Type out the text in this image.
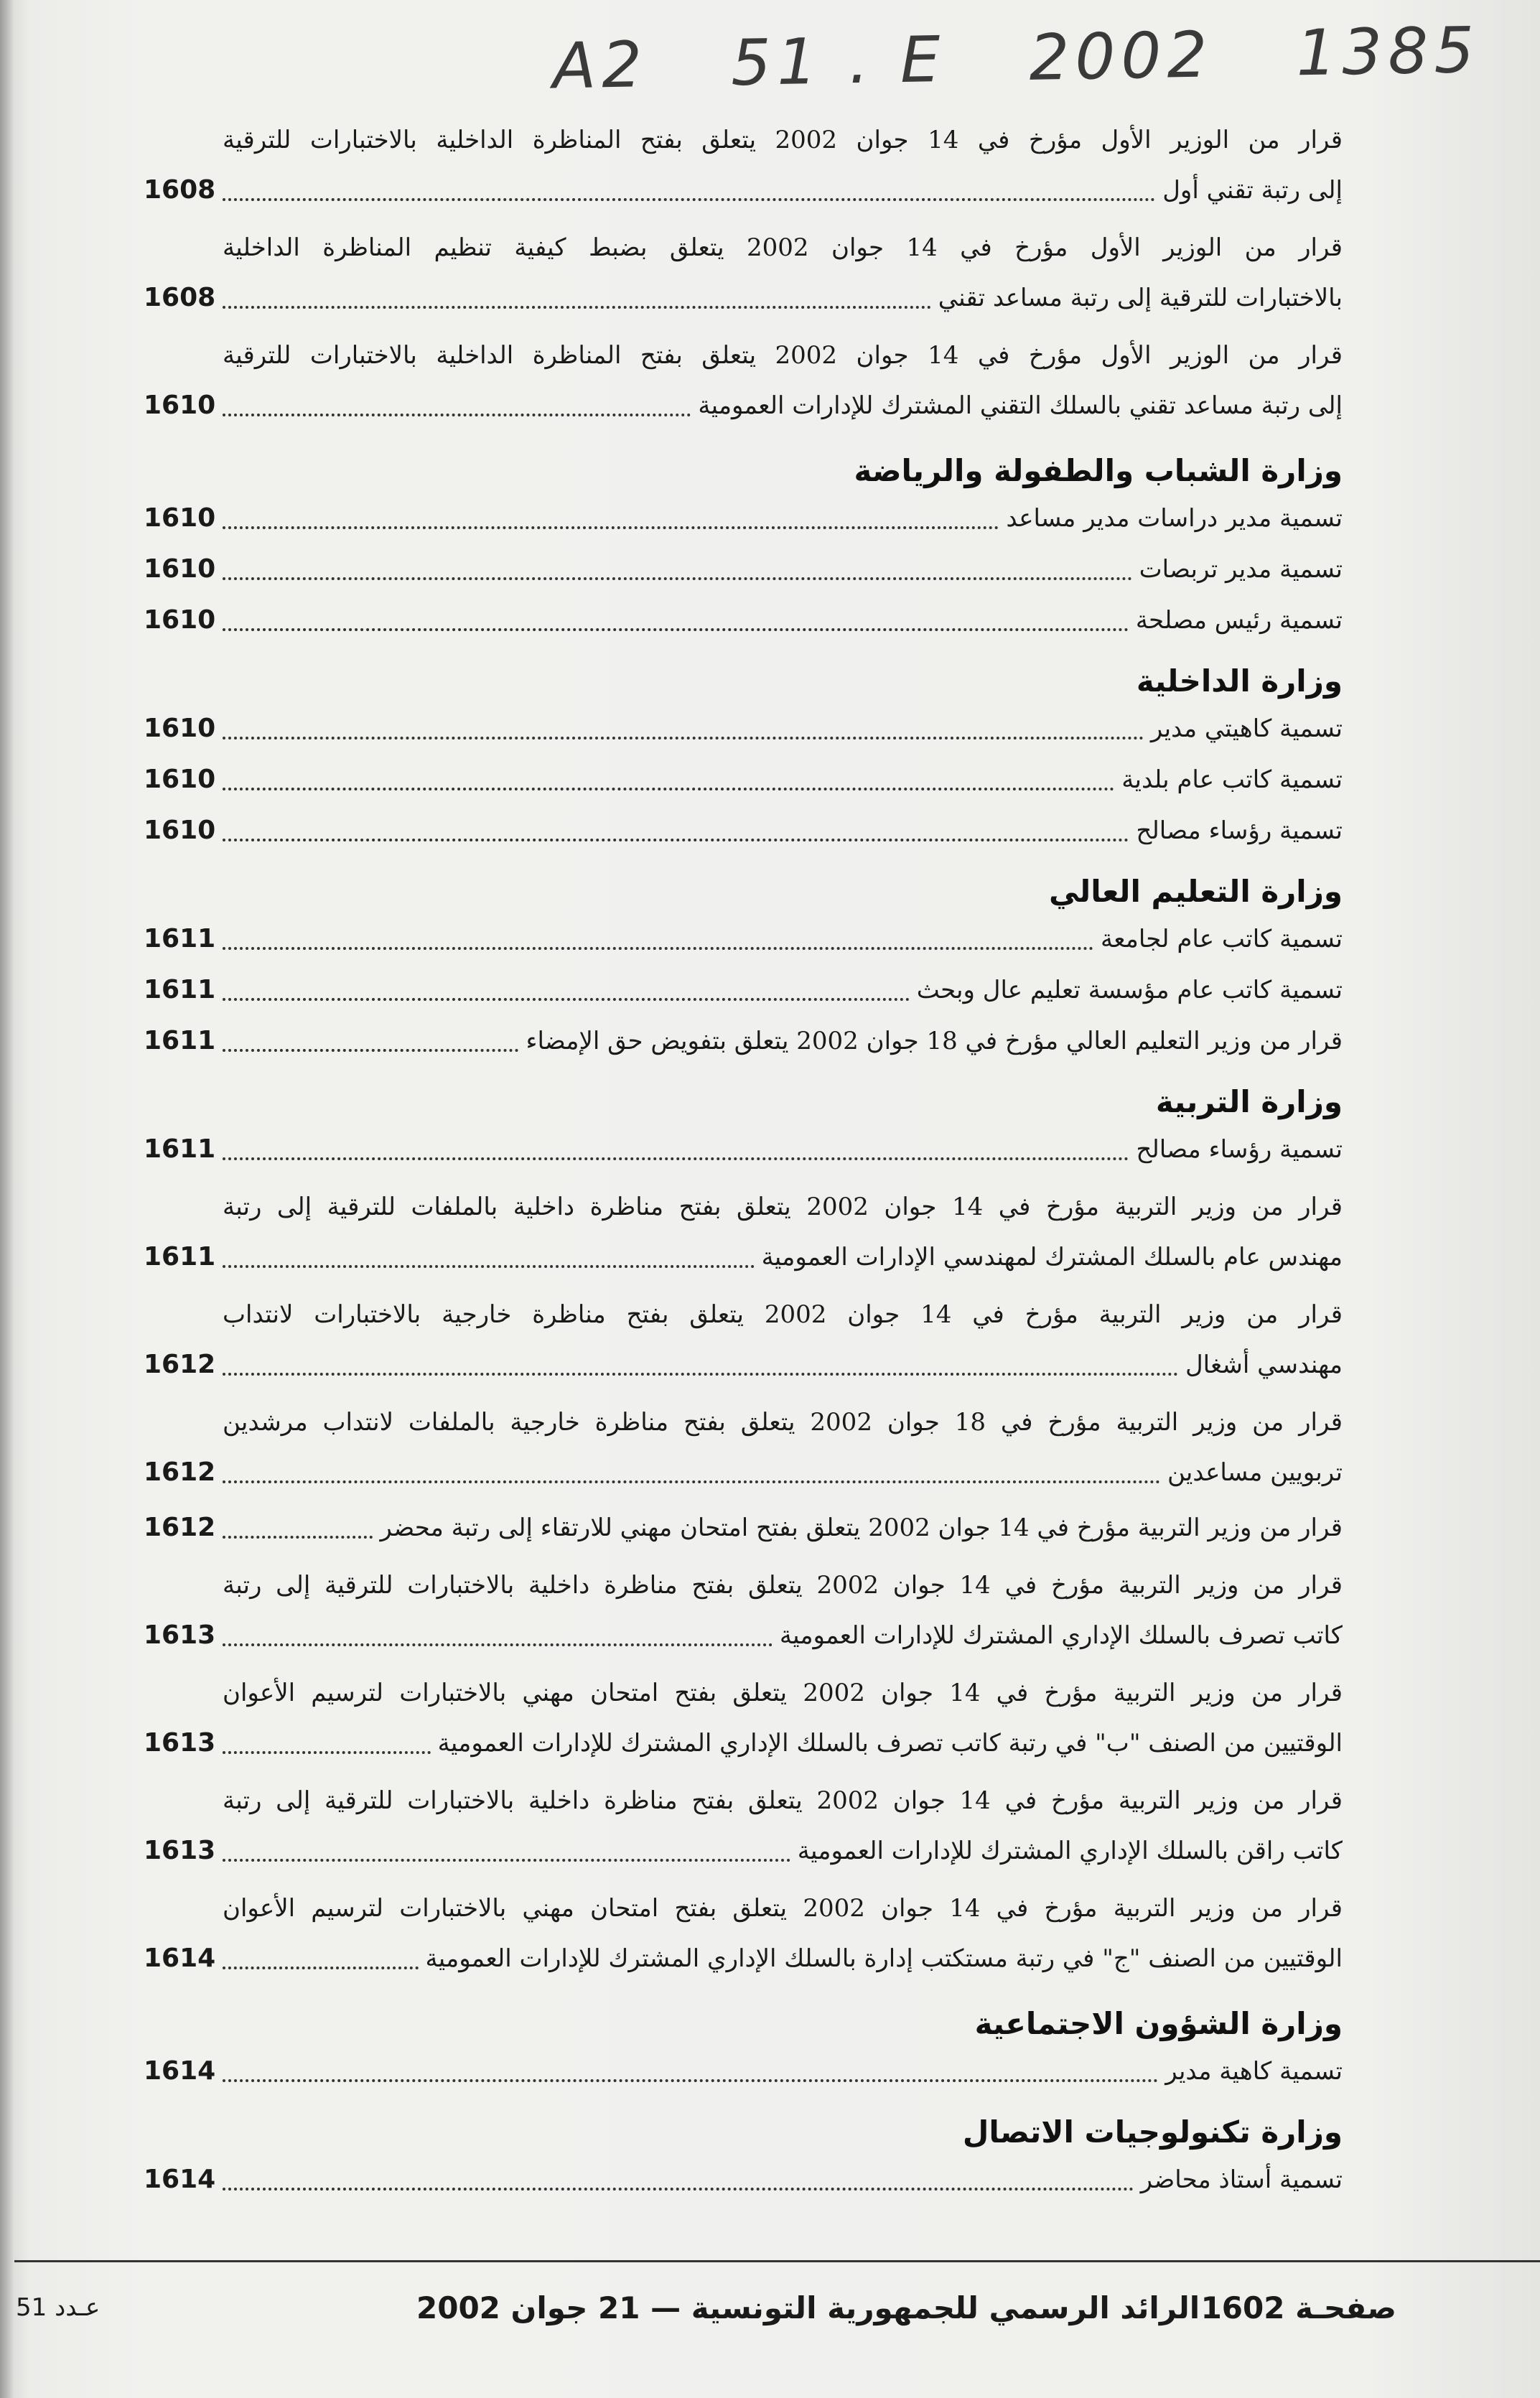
A2 51 . E 2002 1385
قرار من الوزير الأول مؤرخ في 14 جوان 2002 يتعلق بفتح المناظرة الداخلية بالاختبارات للترقية
إلى رتبة تقني أول
1608
قرار من الوزير الأول مؤرخ في 14 جوان 2002 يتعلق بضبط كيفية تنظيم المناظرة الداخلية
بالاختبارات للترقية إلى رتبة مساعد تقني
1608
قرار من الوزير الأول مؤرخ في 14 جوان 2002 يتعلق بفتح المناظرة الداخلية بالاختبارات للترقية
إلى رتبة مساعد تقني بالسلك التقني المشترك للإدارات العمومية
1610
وزارة الشباب والطفولة والرياضة
تسمية مدير دراسات مدير مساعد
1610
تسمية مدير تربصات
1610
تسمية رئيس مصلحة
1610
وزارة الداخلية
تسمية كاهيتي مدير
1610
تسمية كاتب عام بلدية
1610
تسمية رؤساء مصالح
1610
وزارة التعليم العالي
تسمية كاتب عام لجامعة
1611
تسمية كاتب عام مؤسسة تعليم عال وبحث
1611
قرار من وزير التعليم العالي مؤرخ في 18 جوان 2002 يتعلق بتفويض حق الإمضاء
1611
وزارة التربية
تسمية رؤساء مصالح
1611
قرار من وزير التربية مؤرخ في 14 جوان 2002 يتعلق بفتح مناظرة داخلية بالملفات للترقية إلى رتبة
مهندس عام بالسلك المشترك لمهندسي الإدارات العمومية
1611
قرار من وزير التربية مؤرخ في 14 جوان 2002 يتعلق بفتح مناظرة خارجية بالاختبارات لانتداب
مهندسي أشغال
1612
قرار من وزير التربية مؤرخ في 18 جوان 2002 يتعلق بفتح مناظرة خارجية بالملفات لانتداب مرشدين
تربويين مساعدين
1612
قرار من وزير التربية مؤرخ في 14 جوان 2002 يتعلق بفتح امتحان مهني للارتقاء إلى رتبة محضر
1612
قرار من وزير التربية مؤرخ في 14 جوان 2002 يتعلق بفتح مناظرة داخلية بالاختبارات للترقية إلى رتبة
كاتب تصرف بالسلك الإداري المشترك للإدارات العمومية
1613
قرار من وزير التربية مؤرخ في 14 جوان 2002 يتعلق بفتح امتحان مهني بالاختبارات لترسيم الأعوان
الوقتيين من الصنف "ب" في رتبة كاتب تصرف بالسلك الإداري المشترك للإدارات العمومية
1613
قرار من وزير التربية مؤرخ في 14 جوان 2002 يتعلق بفتح مناظرة داخلية بالاختبارات للترقية إلى رتبة
كاتب راقن بالسلك الإداري المشترك للإدارات العمومية
1613
قرار من وزير التربية مؤرخ في 14 جوان 2002 يتعلق بفتح امتحان مهني بالاختبارات لترسيم الأعوان
الوقتيين من الصنف "ج" في رتبة مستكتب إدارة بالسلك الإداري المشترك للإدارات العمومية
1614
وزارة الشؤون الاجتماعية
تسمية كاهية مدير
1614
وزارة تكنولوجيات الاتصال
تسمية أستاذ محاضر
1614
صفحـة 1602
الرائد الرسمي للجمهورية التونسية — 21 جوان 2002
عـدد 51
